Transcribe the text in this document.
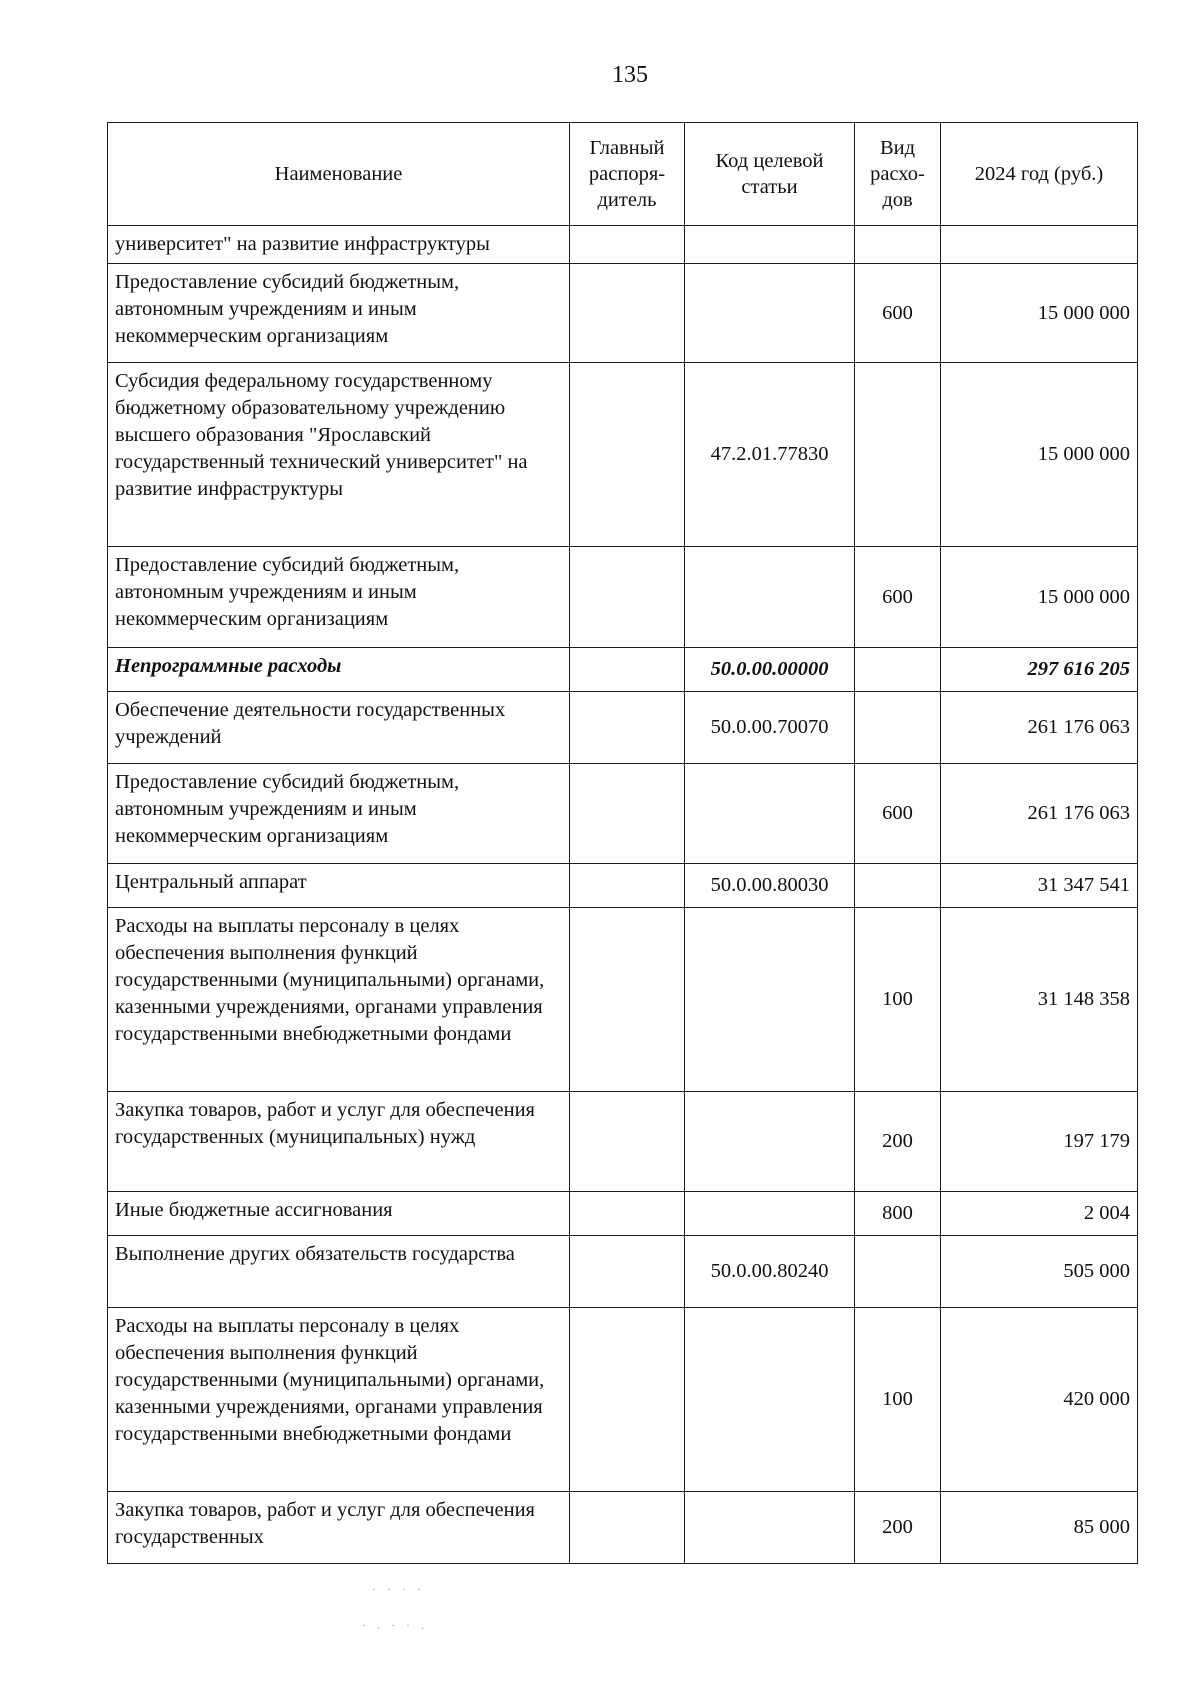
135
Наименование	Главный распоря- дитель	Код целевой статьи	Вид расхо- дов	2024 год (руб.)
университет" на развитие инфраструктуры				
Предоставление субсидий бюджетным, автономным учреждениям и иным некоммерческим организациям			600	15 000 000
Субсидия федеральному государственному бюджетному образовательному учреждению высшего образования "Ярославский государственный технический университет" на развитие инфраструктуры		47.2.01.77830		15 000 000
Предоставление субсидий бюджетным, автономным учреждениям и иным некоммерческим организациям			600	15 000 000
Непрограммные расходы		50.0.00.00000		297 616 205
Обеспечение деятельности государственных учреждений		50.0.00.70070		261 176 063
Предоставление субсидий бюджетным, автономным учреждениям и иным некоммерческим организациям			600	261 176 063
Центральный аппарат		50.0.00.80030		31 347 541
Расходы на выплаты персоналу в целях обеспечения выполнения функций государственными (муниципальными) органами, казенными учреждениями, органами управления государственными внебюджетными фондами			100	31 148 358
Закупка товаров, работ и услуг для обеспечения государственных (муниципальных) нужд			200	197 179
Иные бюджетные ассигнования			800	2 004
Выполнение других обязательств государства		50.0.00.80240		505 000
Расходы на выплаты персоналу в целях обеспечения выполнения функций государственными (муниципальными) органами, казенными учреждениями, органами управления государственными внебюджетными фондами			100	420 000
Закупка товаров, работ и услуг для обеспечения государственных			200	85 000
· · · ·
· . · · .
